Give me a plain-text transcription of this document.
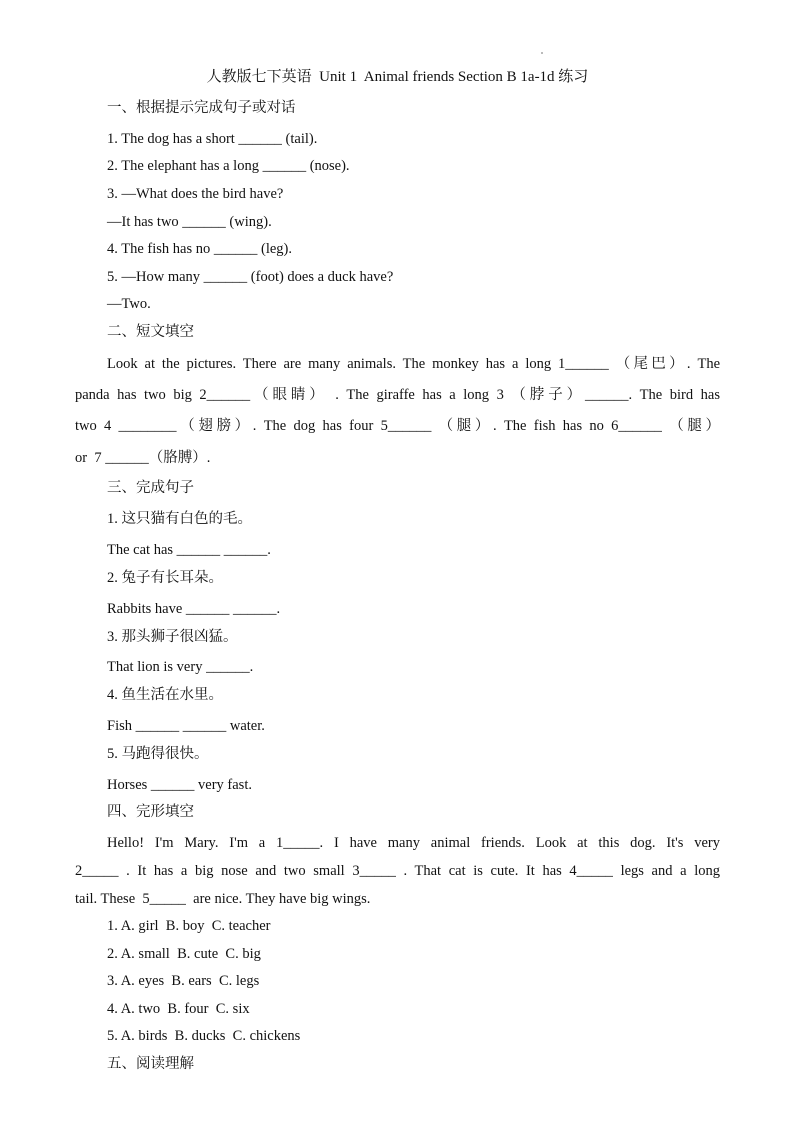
人教版七下英语  Unit 1  Animal friends Section B 1a-1d 练习
一、根据提示完成句子或对话
1. The dog has a short ______ (tail).
2. The elephant has a long ______ (nose).
3. —What does the bird have?
—It has two ______ (wing).
4. The fish has no ______ (leg).
5. —How many ______ (foot) does a duck have?
—Two.
二、短文填空
Look at the pictures. There are many animals. The monkey has a long 1______ （尾巴）. The
panda has two big 2______（眼睛） . The giraffe has a long 3 （脖子）______. The bird has
two 4 ________（翅膀）. The dog has four 5______ （腿）. The fish has no 6______ （腿）
or  7 ______（胳膊）.
三、完成句子
1. 这只猫有白色的毛。
The cat has ______ ______.
2. 兔子有长耳朵。
Rabbits have ______ ______.
3. 那头狮子很凶猛。
That lion is very ______.
4. 鱼生活在水里。
Fish ______ ______ water.
5. 马跑得很快。
Horses ______ very fast.
四、完形填空
Hello! I'm Mary. I'm a 1_____. I have many animal friends. Look at this dog. It's very
2_____ . It has a big nose and two small 3_____ . That cat is cute. It has 4_____ legs and a long
tail. These  5_____  are nice. They have big wings.
1. A. girl  B. boy  C. teacher
2. A. small  B. cute  C. big
3. A. eyes  B. ears  C. legs
4. A. two  B. four  C. six
5. A. birds  B. ducks  C. chickens
五、阅读理解
